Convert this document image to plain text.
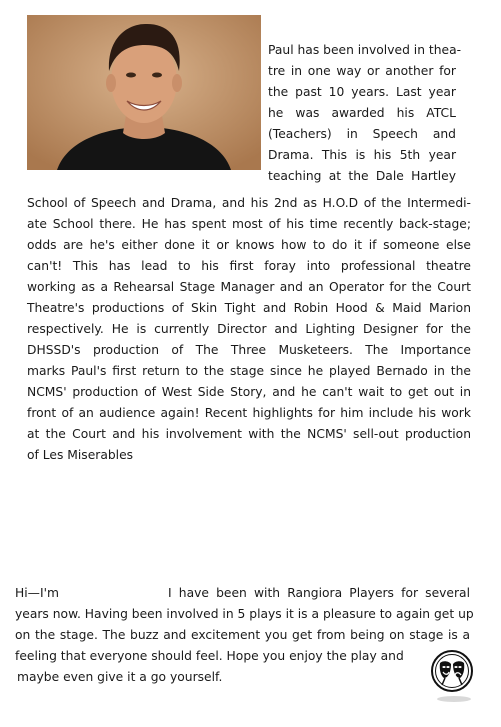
Paul has been involved in thea-
tre in one way or another for
the past 10 years. Last year
he was awarded his ATCL
(Teachers) in Speech and
Drama. This is his 5th year
teaching at the Dale Hartley
School of Speech and Drama, and his 2nd as H.O.D of the Intermedi-
ate School there. He has spent most of his time recently back-stage;
odds are he's either done it or knows how to do it if someone else
can't! This has lead to his first foray into professional theatre
working as a Rehearsal Stage Manager and an Operator for the Court
Theatre's productions of Skin Tight and Robin Hood & Maid Marion
respectively. He is currently Director and Lighting Designer for the
DHSSD's production of The Three Musketeers. The Importance
marks Paul's first return to the stage since he played Bernado in the
NCMS' production of West Side Story, and he can't wait to get out in
front of an audience again! Recent highlights for him include his work
at the Court and his involvement with the NCMS' sell-out production
of Les Miserables
Hi—I'm	I have been with Rangiora Players for several
years now. Having been involved in 5 plays it is a pleasure to again get up
on the stage. The buzz and excitement you get from being on stage is a
feeling that everyone should feel. Hope you enjoy the play and
maybe even give it a go yourself.
